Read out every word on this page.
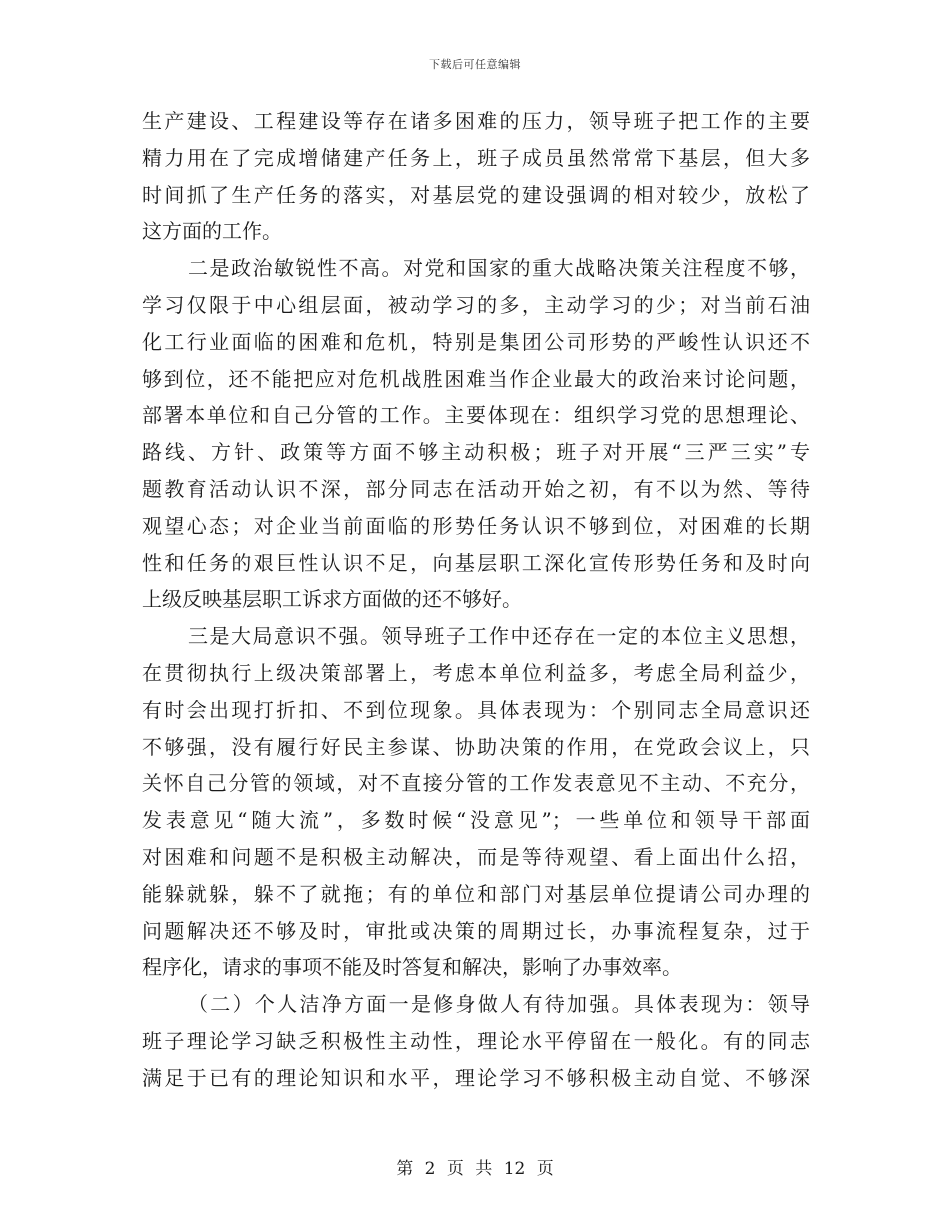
下载后可任意编辑
生产建设、工程建设等存在诸多困难的压力，领导班子把工作的主要
精力用在了完成增储建产任务上，班子成员虽然常常下基层，但大多
时间抓了生产任务的落实，对基层党的建设强调的相对较少，放松了
这方面的工作。
二是政治敏锐性不高。对党和国家的重大战略决策关注程度不够，
学习仅限于中心组层面，被动学习的多，主动学习的少；对当前石油
化工行业面临的困难和危机，特别是集团公司形势的严峻性认识还不
够到位，还不能把应对危机战胜困难当作企业最大的政治来讨论问题，
部署本单位和自己分管的工作。主要体现在：组织学习党的思想理论、
路线、方针、政策等方面不够主动积极；班子对开展“三严三实”专
题教育活动认识不深，部分同志在活动开始之初，有不以为然、等待
观望心态；对企业当前面临的形势任务认识不够到位，对困难的长期
性和任务的艰巨性认识不足，向基层职工深化宣传形势任务和及时向
上级反映基层职工诉求方面做的还不够好。
三是大局意识不强。领导班子工作中还存在一定的本位主义思想，
在贯彻执行上级决策部署上，考虑本单位利益多，考虑全局利益少，
有时会出现打折扣、不到位现象。具体表现为：个别同志全局意识还
不够强，没有履行好民主参谋、协助决策的作用，在党政会议上，只
关怀自己分管的领域，对不直接分管的工作发表意见不主动、不充分，
发表意见“随大流”，多数时候“没意见”；一些单位和领导干部面
对困难和问题不是积极主动解决，而是等待观望、看上面出什么招，
能躲就躲，躲不了就拖；有的单位和部门对基层单位提请公司办理的
问题解决还不够及时，审批或决策的周期过长，办事流程复杂，过于
程序化，请求的事项不能及时答复和解决，影响了办事效率。
（二）个人洁净方面一是修身做人有待加强。具体表现为：领导
班子理论学习缺乏积极性主动性，理论水平停留在一般化。有的同志
满足于已有的理论知识和水平，理论学习不够积极主动自觉、不够深
第 2 页 共 12 页
